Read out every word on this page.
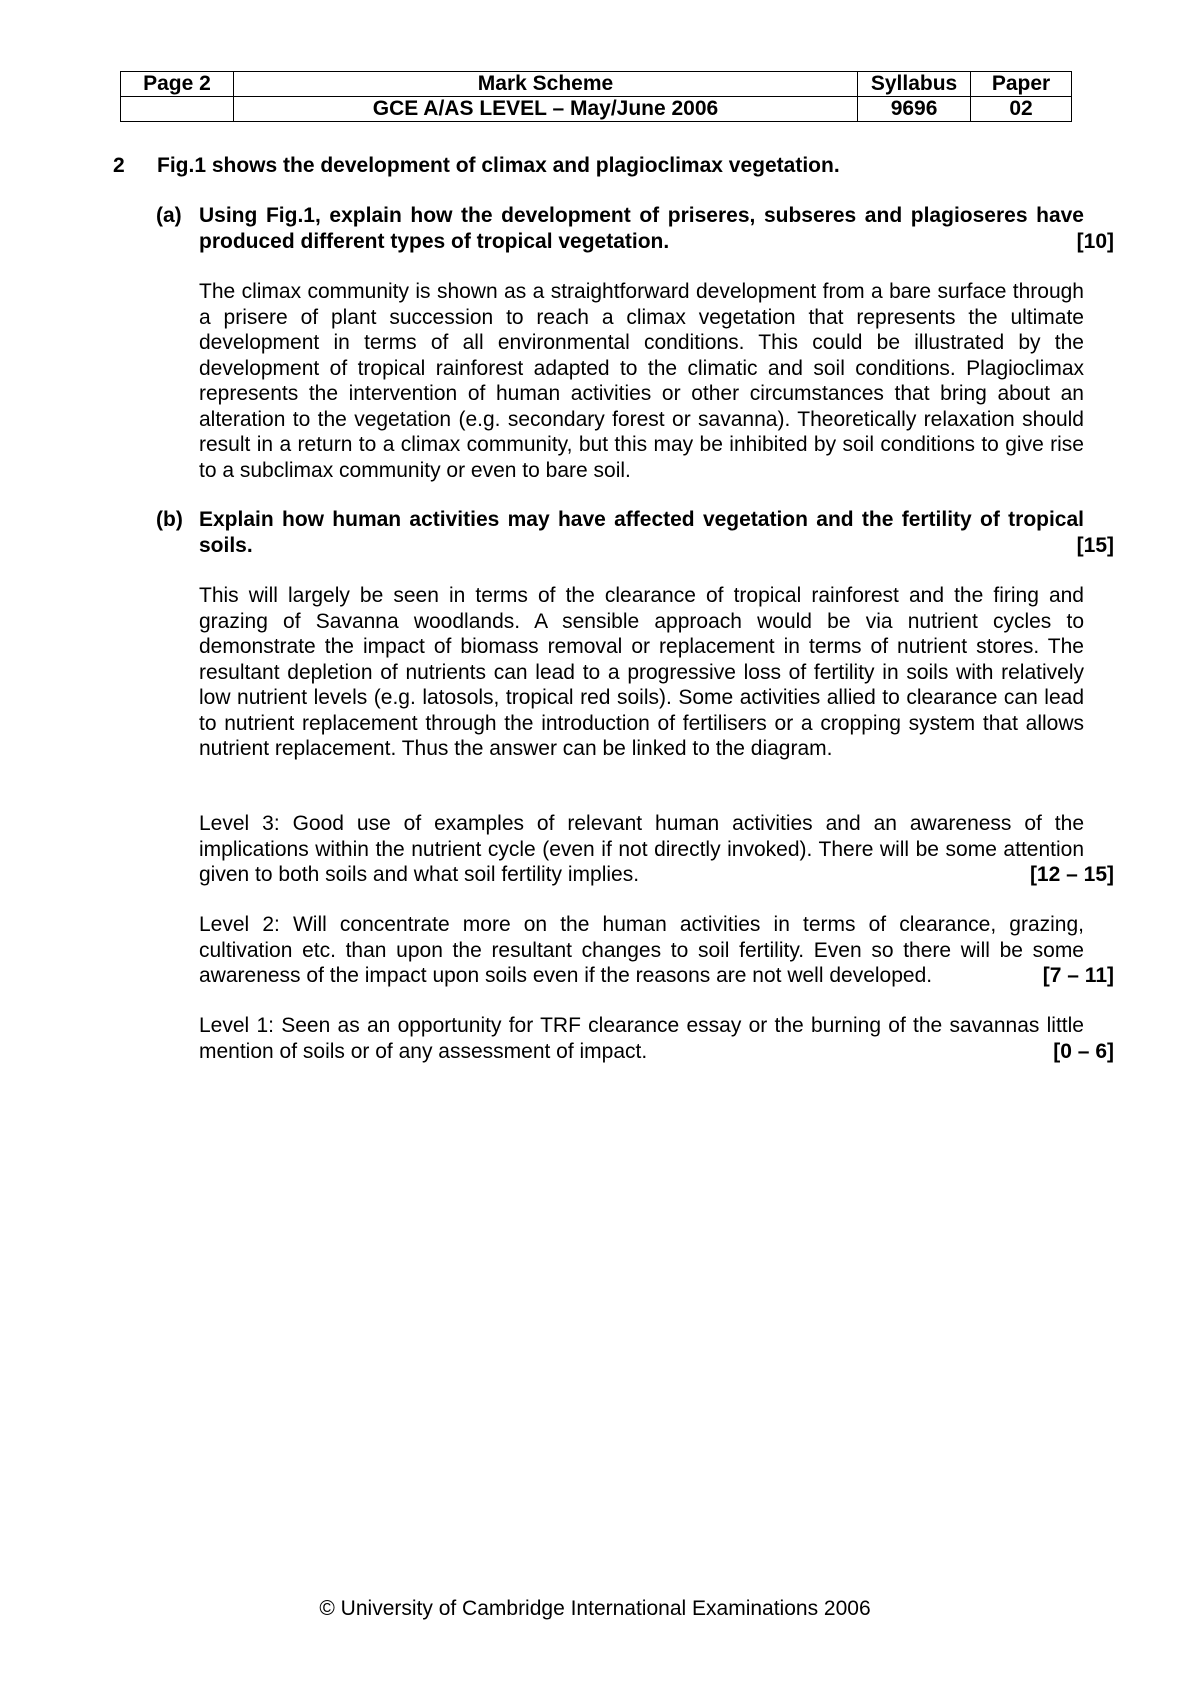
Page 2	Mark Scheme	Syllabus	Paper
	GCE A/AS LEVEL – May/June 2006	9696	02
2 Fig.1 shows the development of climax and plagioclimax vegetation.
(a) Using Fig.1, explain how the development of priseres, subseres and plagioseres have produced different types of tropical vegetation.	[10]
The climax community is shown as a straightforward development from a bare surface through a prisere of plant succession to reach a climax vegetation that represents the ultimate development in terms of all environmental conditions. This could be illustrated by the development of tropical rainforest adapted to the climatic and soil conditions. Plagioclimax represents the intervention of human activities or other circumstances that bring about an alteration to the vegetation (e.g. secondary forest or savanna). Theoretically relaxation should result in a return to a climax community, but this may be inhibited by soil conditions to give rise to a subclimax community or even to bare soil.
(b) Explain how human activities may have affected vegetation and the fertility of tropical soils.	[15]
This will largely be seen in terms of the clearance of tropical rainforest and the firing and grazing of Savanna woodlands. A sensible approach would be via nutrient cycles to demonstrate the impact of biomass removal or replacement in terms of nutrient stores. The resultant depletion of nutrients can lead to a progressive loss of fertility in soils with relatively low nutrient levels (e.g. latosols, tropical red soils). Some activities allied to clearance can lead to nutrient replacement through the introduction of fertilisers or a cropping system that allows nutrient replacement. Thus the answer can be linked to the diagram.
Level 3: Good use of examples of relevant human activities and an awareness of the implications within the nutrient cycle (even if not directly invoked). There will be some attention given to both soils and what soil fertility implies.	[12 – 15]
Level 2: Will concentrate more on the human activities in terms of clearance, grazing, cultivation etc. than upon the resultant changes to soil fertility. Even so there will be some awareness of the impact upon soils even if the reasons are not well developed.	[7 – 11]
Level 1: Seen as an opportunity for TRF clearance essay or the burning of the savannas little mention of soils or of any assessment of impact.	[0 – 6]
© University of Cambridge International Examinations 2006
